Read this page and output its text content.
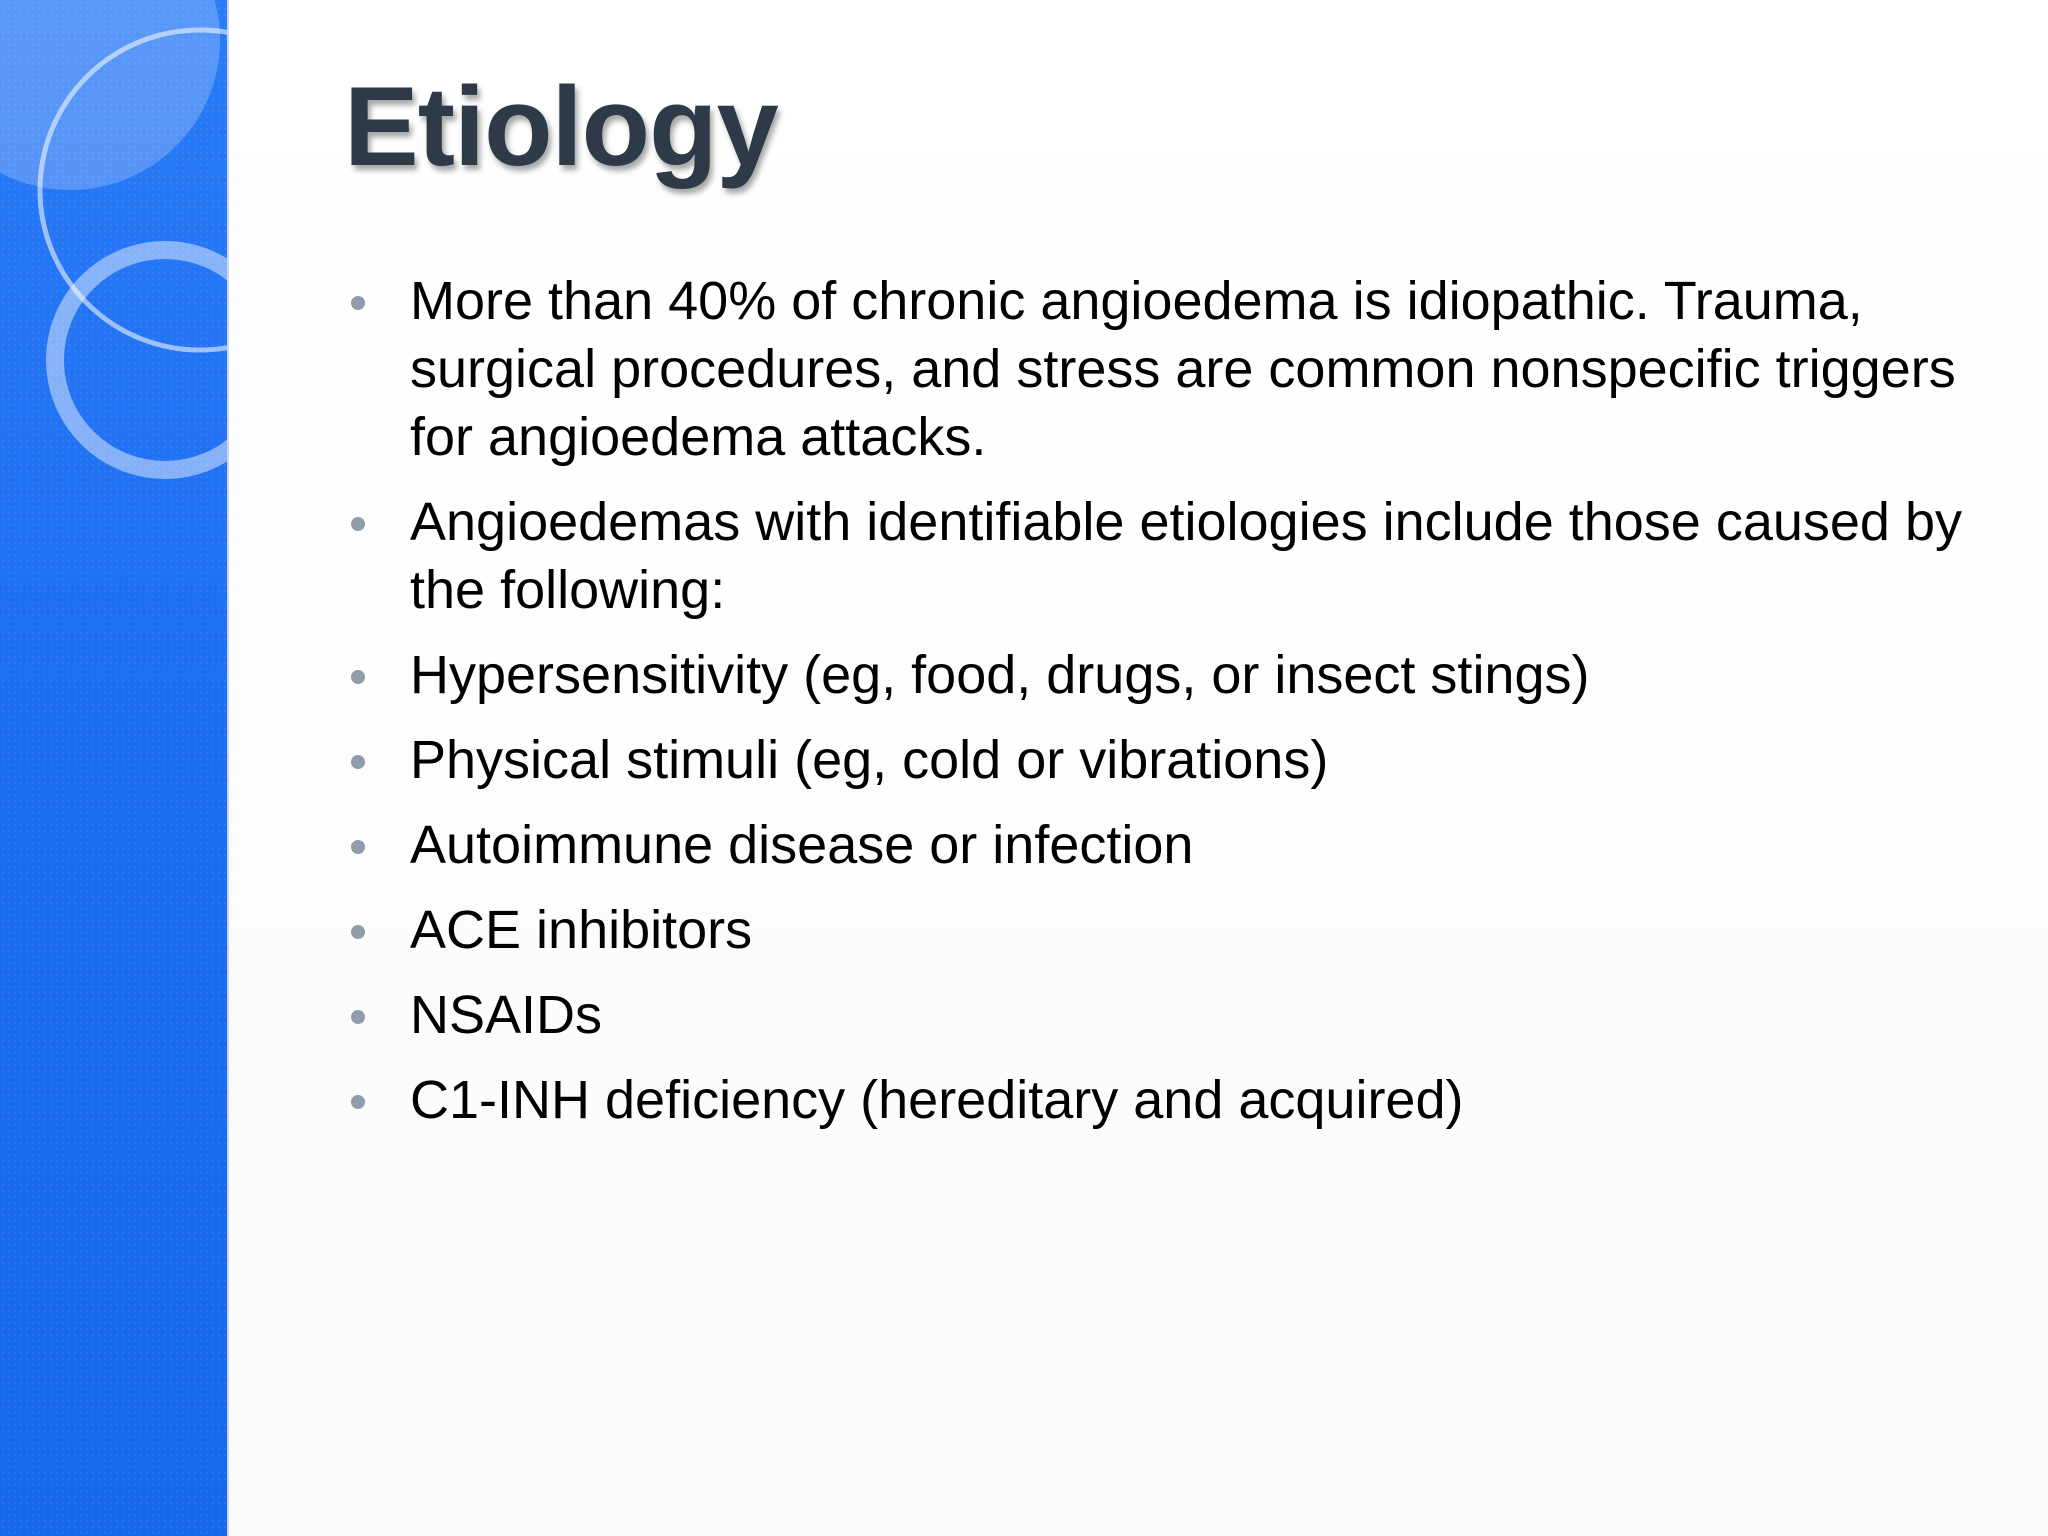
Etiology
More than 40% of chronic angioedema is idiopathic. Trauma, surgical procedures, and stress are common nonspecific triggers for angioedema attacks.
Angioedemas with identifiable etiologies include those caused by the following:
Hypersensitivity (eg, food, drugs, or insect stings)
Physical stimuli (eg, cold or vibrations)
Autoimmune disease or infection
ACE inhibitors
NSAIDs
C1-INH deficiency (hereditary and acquired)
